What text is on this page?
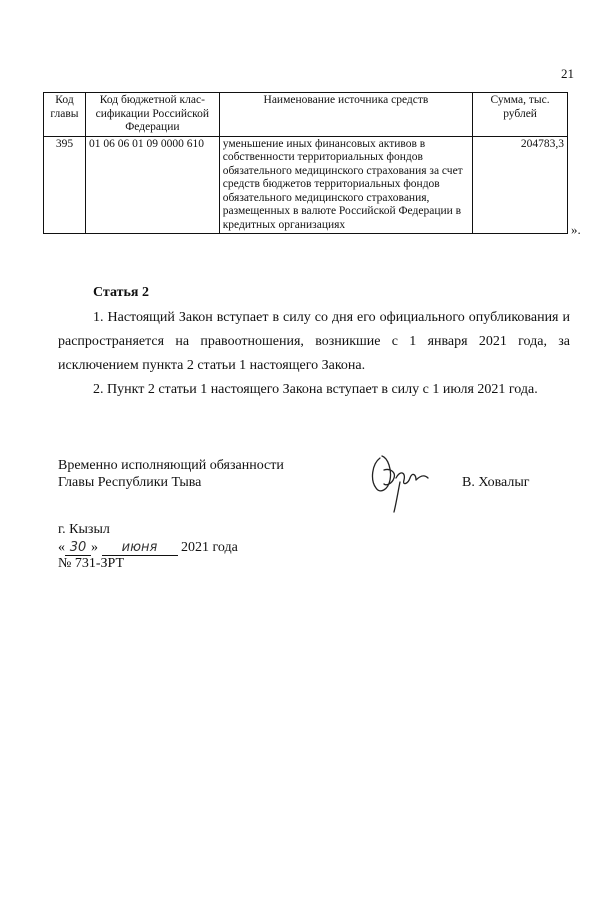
21
Код главы	Код бюджетной клас-сификации Российской Федерации	Наименование источника средств	Сумма, тыс. рублей
395	01 06 06 01 09 0000 610	уменьшение иных финансовых активов в собственности территориальных фондов обязательного медицинского страхования за счет средств бюджетов территориальных фондов обязательного медицинского страхования, размещенных в валюте Российской Федерации в кредитных организациях	204783,3
».
Статья 2
1. Настоящий Закон вступает в силу со дня его официального опубликования и распространяется на правоотношения, возникшие с 1 января 2021 года, за исключением пункта 2 статьи 1 настоящего Закона.
2. Пункт 2 статьи 1 настоящего Закона вступает в силу с 1 июля 2021 года.
Временно исполняющий обязанности
Главы Республики Тыва	В. Ховалыг
г. Кызыл
« 30 » июня 2021 года
№ 731-ЗРТ
